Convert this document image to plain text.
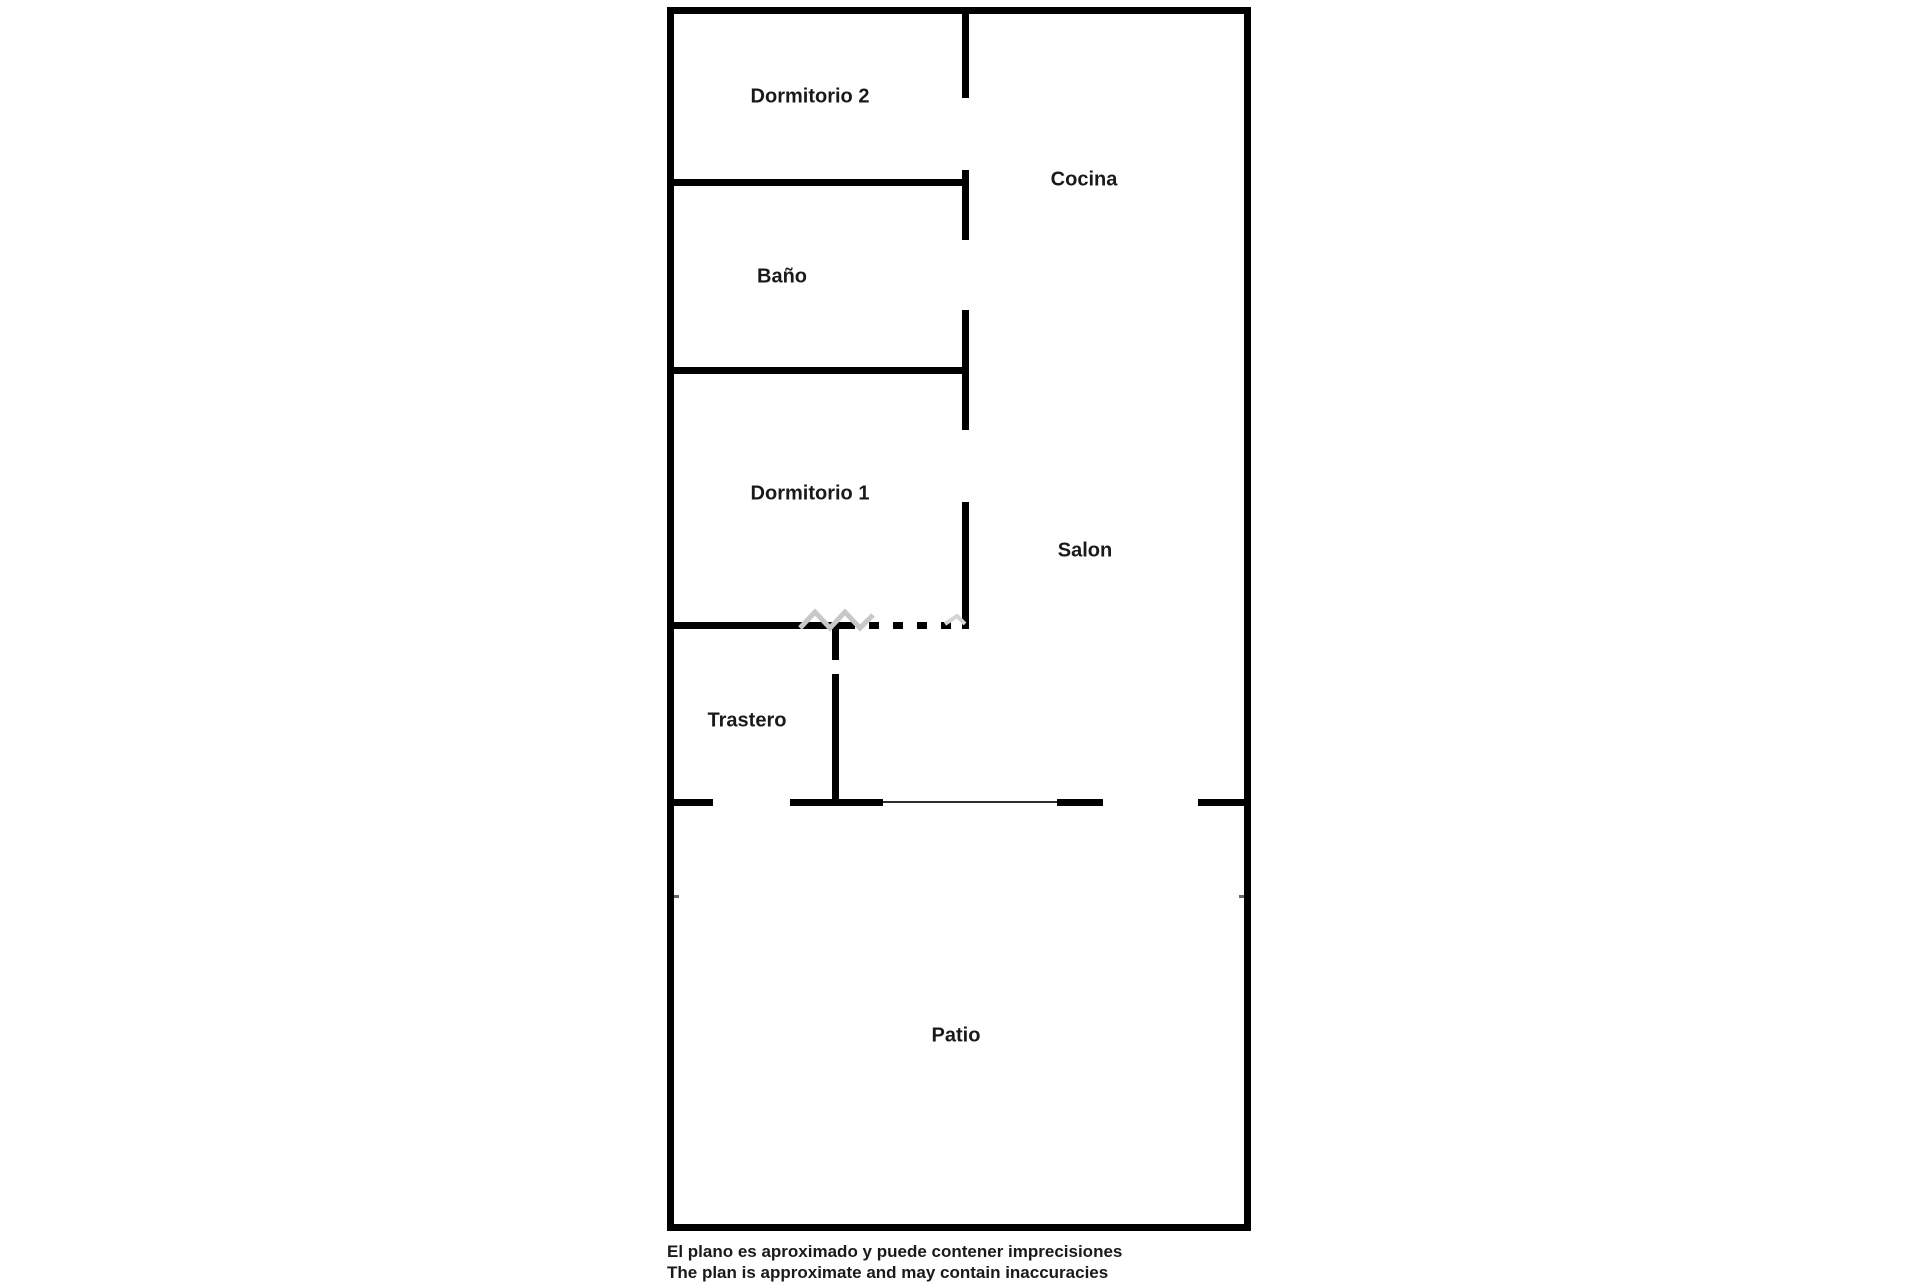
Dormitorio 2
Cocina
Baño
Dormitorio 1
Salon
Trastero
Patio
El plano es aproximado y puede contener imprecisiones
The plan is approximate and may contain inaccuracies
